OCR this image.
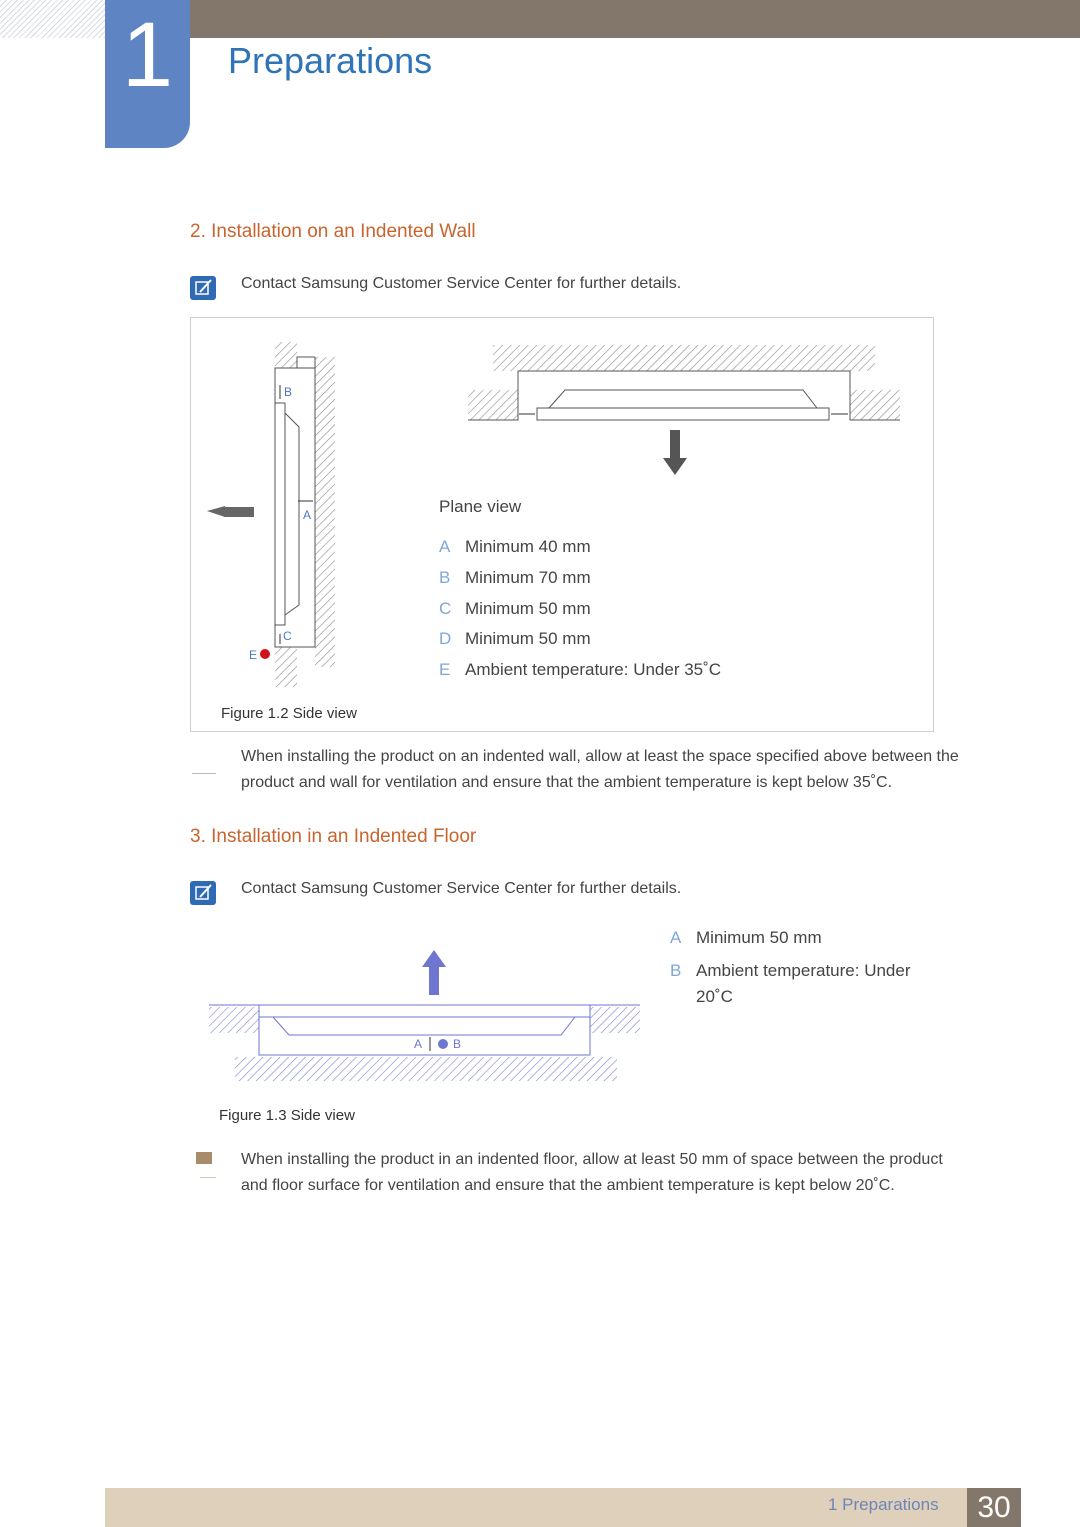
1	Preparations
2. Installation on an Indented Wall
Contact Samsung Customer Service Center for further details.
B
A
C
E
Plane view
A Minimum 40 mm
B Minimum 70 mm
C Minimum 50 mm
D Minimum 50 mm
E Ambient temperature: Under 35˚C
Figure 1.2 Side view
When installing the product on an indented wall, allow at least the space specified above between the
product and wall for ventilation and ensure that the ambient temperature is kept below 35˚C.
3. Installation in an Indented Floor
Contact Samsung Customer Service Center for further details.
A	B
A Minimum 50 mm
B Ambient temperature: Under
20˚C
Figure 1.3 Side view
When installing the product in an indented floor, allow at least 50 mm of space between the product
and floor surface for ventilation and ensure that the ambient temperature is kept below 20˚C.
1 Preparations	30
